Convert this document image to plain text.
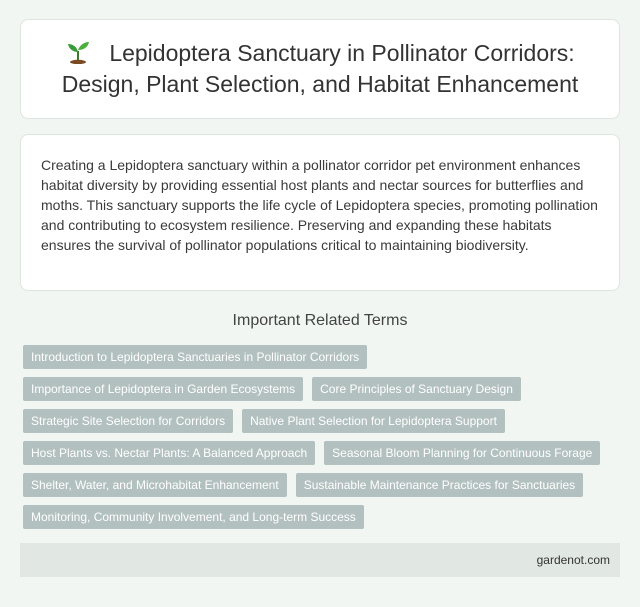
Lepidoptera Sanctuary in Pollinator Corridors: Design, Plant Selection, and Habitat Enhancement

Creating a Lepidoptera sanctuary within a pollinator corridor pet environment enhances habitat diversity by providing essential host plants and nectar sources for butterflies and moths. This sanctuary supports the life cycle of Lepidoptera species, promoting pollination and contributing to ecosystem resilience. Preserving and expanding these habitats ensures the survival of pollinator populations critical to maintaining biodiversity.

Important Related Terms
Introduction to Lepidoptera Sanctuaries in Pollinator Corridors
Importance of Lepidoptera in Garden Ecosystems	Core Principles of Sanctuary Design
Strategic Site Selection for Corridors	Native Plant Selection for Lepidoptera Support
Host Plants vs. Nectar Plants: A Balanced Approach	Seasonal Bloom Planning for Continuous Forage
Shelter, Water, and Microhabitat Enhancement	Sustainable Maintenance Practices for Sanctuaries
Monitoring, Community Involvement, and Long-term Success
gardenot.com
